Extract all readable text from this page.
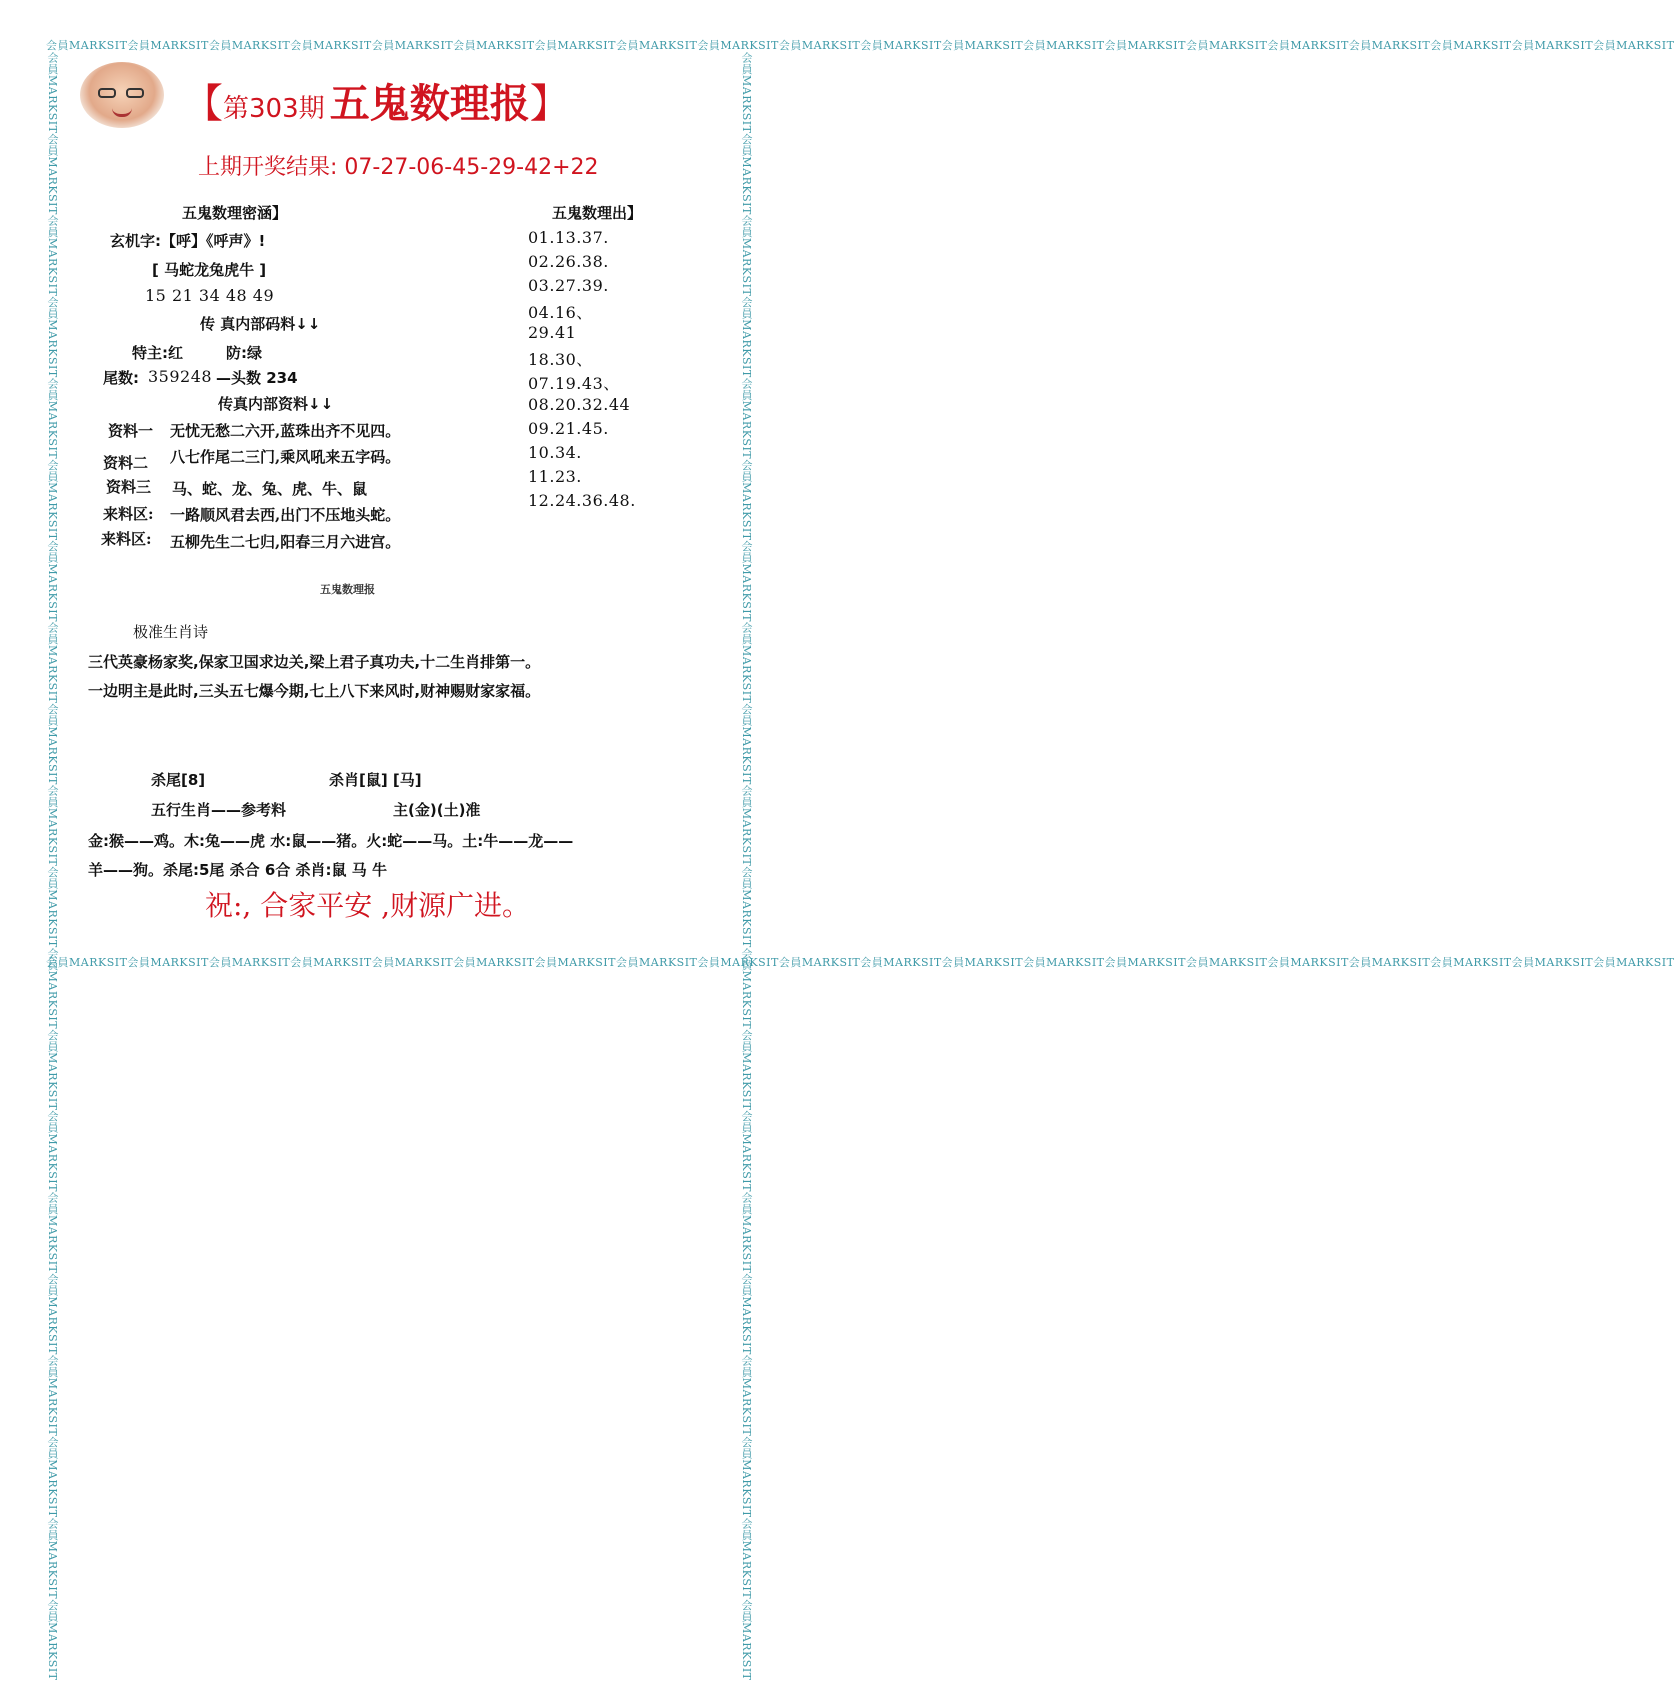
会員MARKSIT会員MARKSIT会員MARKSIT会員MARKSIT会員MARKSIT会員MARKSIT会員MARKSIT会員MARKSIT会員MARKSIT会員MARKSIT会員MARKSIT会員MARKSIT会員MARKSIT会員MARKSIT会員MARKSIT会員MARKSIT会員MARKSIT会員MARKSIT会員MARKSIT会員MARKSIT
会員MARKSIT会員MARKSIT会員MARKSIT会員MARKSIT会員MARKSIT会員MARKSIT会員MARKSIT会員MARKSIT会員MARKSIT会員MARKSIT会員MARKSIT会員MARKSIT会員MARKSIT会員MARKSIT会員MARKSIT会員MARKSIT会員MARKSIT会員MARKSIT会員MARKSIT会員MARKSIT
会員MARKSIT会員MARKSIT会員MARKSIT会員MARKSIT会員MARKSIT会員MARKSIT会員MARKSIT会員MARKSIT会員MARKSIT会員MARKSIT会員MARKSIT会員MARKSIT会員MARKSIT会員MARKSIT会員MARKSIT会員MARKSIT会員MARKSIT会員MARKSIT会員MARKSIT会員MARKSIT	会員MARKSIT会員MARKSIT会員MARKSIT会員MARKSIT会員MARKSIT会員MARKSIT会員MARKSIT会員MARKSIT会員MARKSIT会員MARKSIT会員MARKSIT会員MARKSIT会員MARKSIT会員MARKSIT会員MARKSIT会員MARKSIT会員MARKSIT会員MARKSIT会員MARKSIT会員MARKSIT
【第303期 五鬼数理报】
上期开奖结果: 07-27-06-45-29-42+22
五鬼数理密涵】
玄机字:【呼】《呼声》!
[ 马蛇龙兔虎牛 ]
15 21 34 48 49
传 真内部码料↓↓
特主:红	防:绿
尾数: 359248 —头数 234
传真内部资料↓↓
资料一 无忧无愁二六开,蓝珠出齐不见四。
资料二 八七作尾二三门,乘风吼来五字码。
资料三 马、蛇、龙、兔、虎、牛、鼠
来料区: 一路顺风君去西,出门不压地头蛇。
来料区: 五柳先生二七归,阳春三月六进宫。
五鬼数理出】
01.13.37.
02.26.38.
03.27.39.
04.16、
29.41
18.30、
07.19.43、
08.20.32.44
09.21.45.
10.34.
11.23.
12.24.36.48.
五鬼数理报
极准生肖诗
三代英豪杨家奖,保家卫国求边关,梁上君子真功夫,十二生肖排第一。
一边明主是此时,三头五七爆今期,七上八下来风时,财神赐财家家福。
杀尾[8]	杀肖[鼠] [马]
五行生肖——参考料	主(金)(土)准
金:猴——鸡。木:兔——虎 水:鼠——猪。火:蛇——马。土:牛——龙——
羊——狗。杀尾:5尾 杀合 6合 杀肖:鼠 马 牛
祝:, 合家平安 ,财源广进。
